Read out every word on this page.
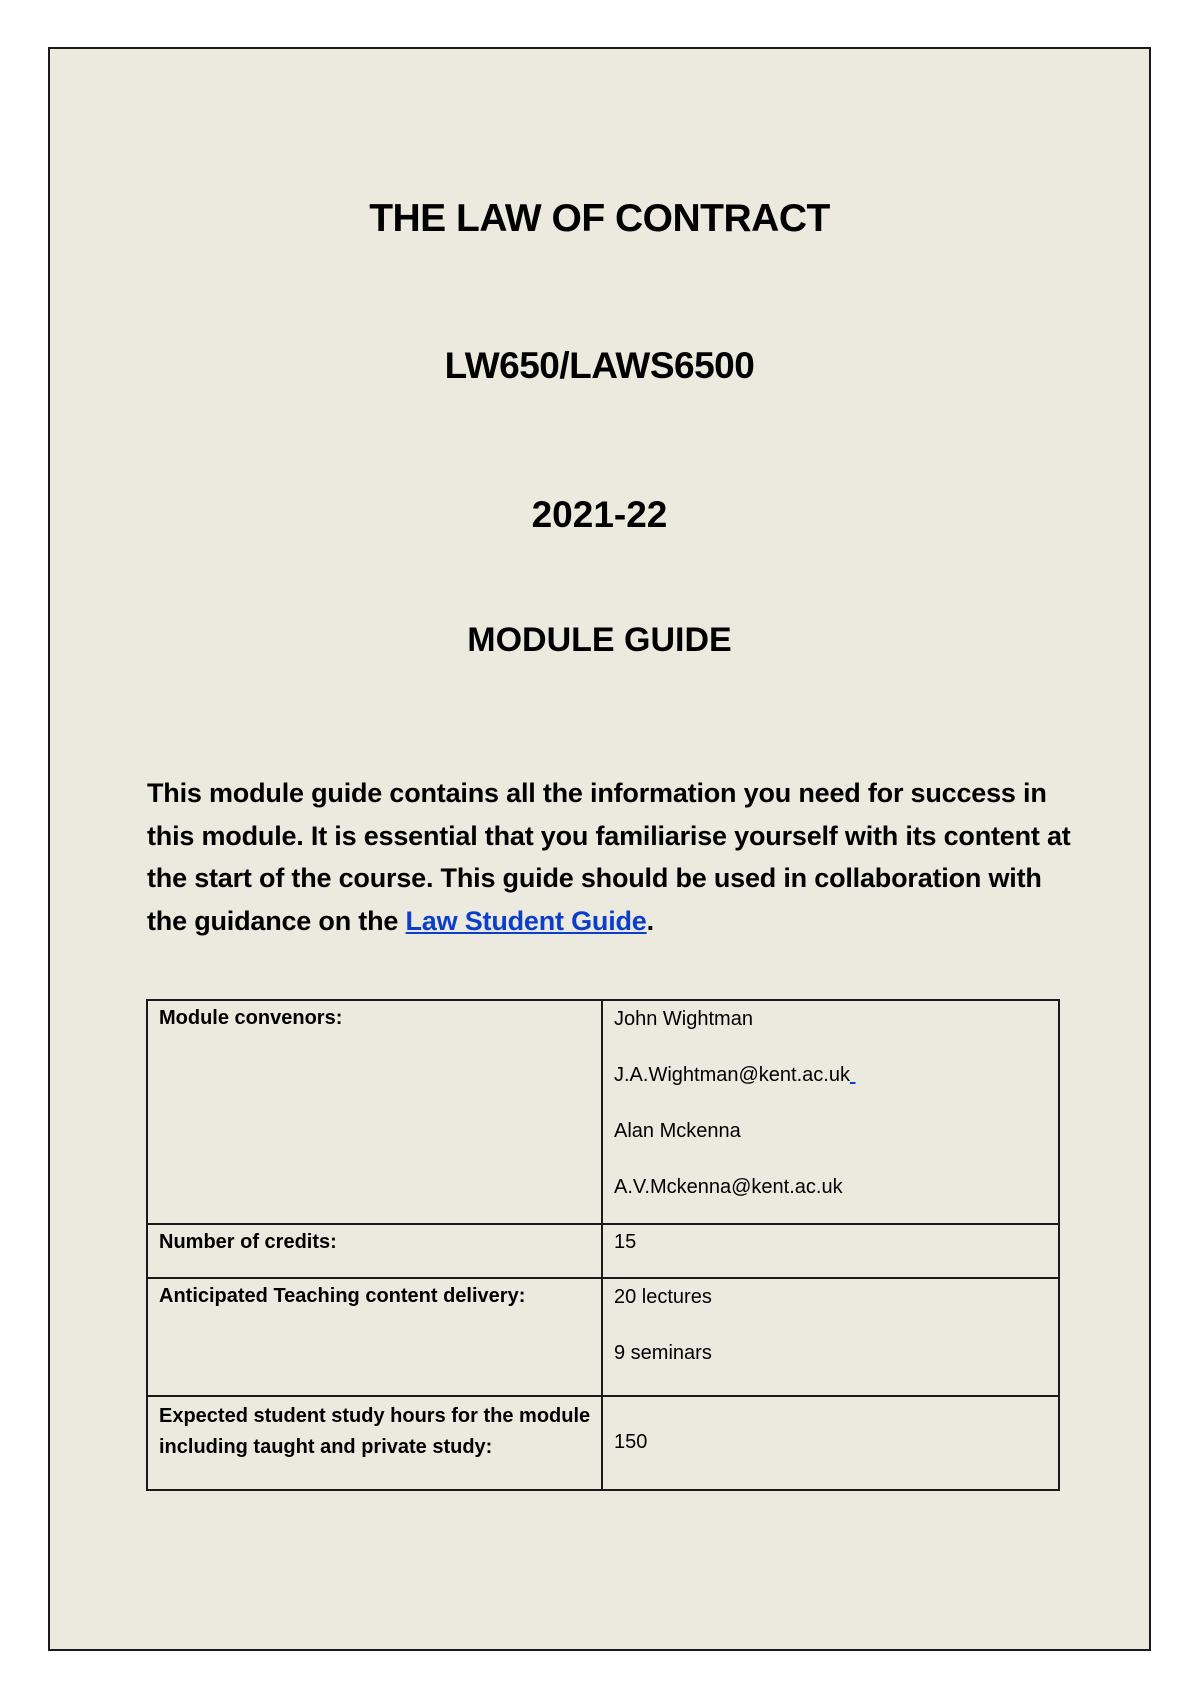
THE LAW OF CONTRACT
LW650/LAWS6500
2021-22
MODULE GUIDE

This module guide contains all the information you need for success in this module. It is essential that you familiarise yourself with its content at the start of the course. This guide should be used in collaboration with the guidance on the Law Student Guide.

Module convenors:	John Wightman
J.A.Wightman@kent.ac.uk
Alan Mckenna
A.V.Mckenna@kent.ac.uk

Number of credits:	15
Anticipated Teaching content delivery:	20 lectures
9 seminars

Expected student study hours for the module including taught and private study:	150
